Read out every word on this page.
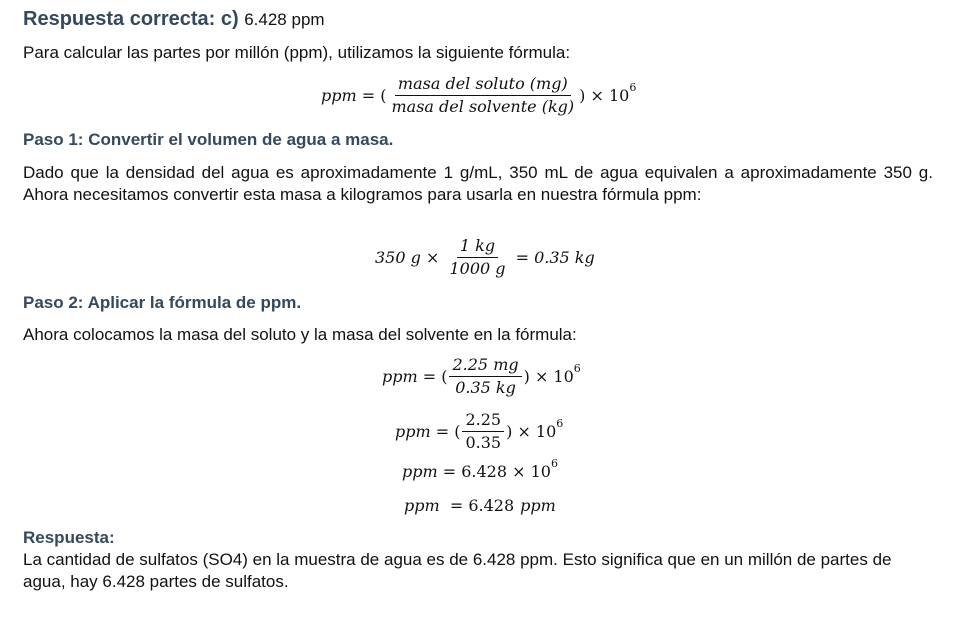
Respuesta correcta: c) 6.428 ppm
Para calcular las partes por millón (ppm), utilizamos la siguiente fórmula:
ppm = ( $\frac{\text{masa del soluto (mg)}}{\text{masa del solvente (kg)}}$ ) × 10 6
Paso 1: Convertir el volumen de agua a masa.
Dado que la densidad del agua es aproximadamente 1 g/mL, 350 mL de agua equivalen a aproximadamente 350 g. Ahora necesitamos convertir esta masa a kilogramos para usarla en nuestra fórmula ppm:
350 $g \times \frac{1 kg}{1000 g} = 0.35$ kg
Paso 2: Aplicar la fórmula de ppm.
Ahora colocamos la masa del soluto y la masa del solvente en la fórmula:
ppm = ( $\frac{2.25 mg}{0.35 kg}$ ) × 10 6
ppm = ( $\frac{2.25}{0.35}$ ) × 10 6
ppm = 6.428 × 10 6
ppm = 6.428 ppm
Respuesta:
La cantidad de sulfatos (SO4) en la muestra de agua es de 6.428 ppm. Esto significa que en un millón de partes de agua, hay 6.428 partes de sulfatos.
